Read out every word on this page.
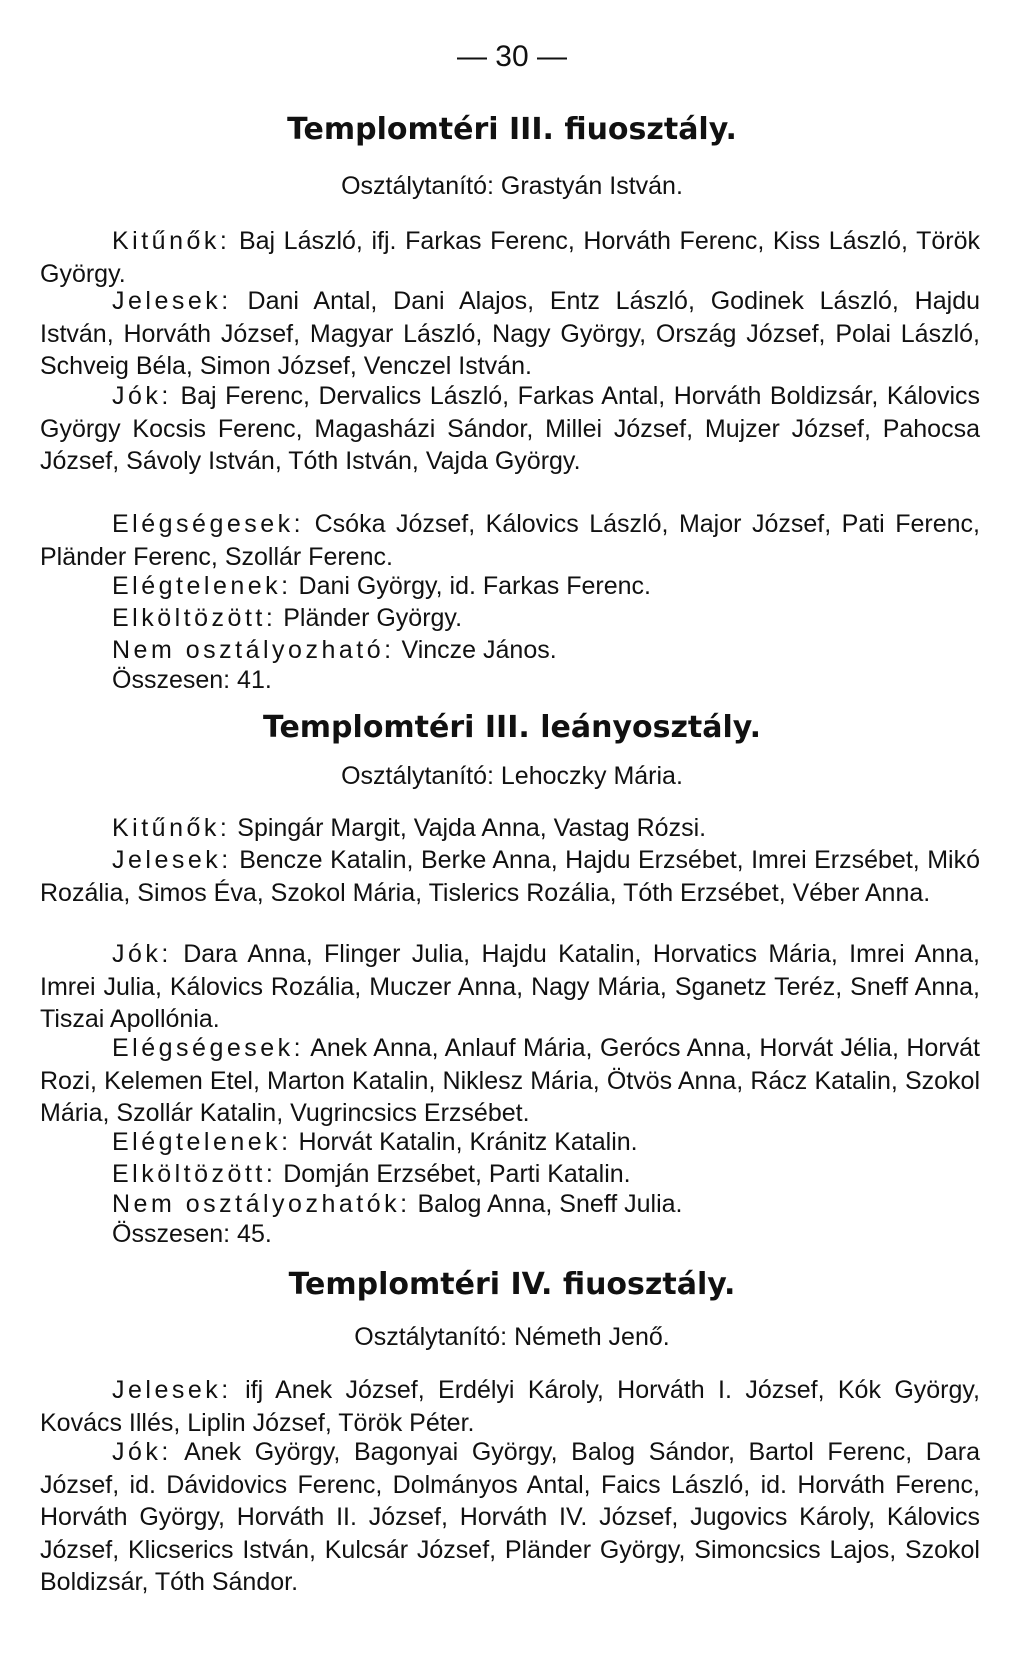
— 30 —
Templomtéri III. fiuosztály.
Osztálytanító: Grastyán István.

Kitűnők: Baj László, ifj. Farkas Ferenc, Horváth Ferenc, Kiss László, Török György.

Jelesek: Dani Antal, Dani Alajos, Entz László, Godinek László, Hajdu István, Horváth József, Magyar László, Nagy György, Ország József, Polai László, Schveig Béla, Simon József, Venczel István.

Jók: Baj Ferenc, Dervalics László, Farkas Antal, Horváth Boldizsár, Kálovics György Kocsis Ferenc, Magasházi Sándor, Millei József, Mujzer József, Pahocsa József, Sávoly István, Tóth István, Vajda György.

Elégségesek: Csóka József, Kálovics László, Major József, Pati Ferenc, Pländer Ferenc, Szollár Ferenc.

Elégtelenek: Dani György, id. Farkas Ferenc.

Elköltözött: Pländer György.

Nem osztályozható: Vincze János.

Összesen: 41.

Templomtéri III. leányosztály.
Osztálytanító: Lehoczky Mária.

Kitűnők: Spingár Margit, Vajda Anna, Vastag Rózsi.

Jelesek: Bencze Katalin, Berke Anna, Hajdu Erzsébet, Imrei Erzsébet, Mikó Rozália, Simos Éva, Szokol Mária, Tislerics Rozália, Tóth Erzsébet, Véber Anna.

Jók: Dara Anna, Flinger Julia, Hajdu Katalin, Horvatics Mária, Imrei Anna, Imrei Julia, Kálovics Rozália, Muczer Anna, Nagy Mária, Sganetz Teréz, Sneff Anna, Tiszai Apollónia.

Elégségesek: Anek Anna, Anlauf Mária, Gerócs Anna, Horvát Jélia, Horvát Rozi, Kelemen Etel, Marton Katalin, Niklesz Mária, Ötvös Anna, Rácz Katalin, Szokol Mária, Szollár Katalin, Vugrincsics Erzsébet.

Elégtelenek: Horvát Katalin, Kránitz Katalin.

Elköltözött: Domján Erzsébet, Parti Katalin.

Nem osztályozhatók: Balog Anna, Sneff Julia.

Összesen: 45.

Templomtéri IV. fiuosztály.
Osztálytanító: Németh Jenő.

Jelesek: ifj Anek József, Erdélyi Károly, Horváth I. József, Kók György, Kovács Illés, Liplin József, Török Péter.

Jók: Anek György, Bagonyai György, Balog Sándor, Bartol Ferenc, Dara József, id. Dávidovics Ferenc, Dolmányos Antal, Faics László, id. Horváth Ferenc, Horváth György, Horváth II. József, Horváth IV. József, Jugovics Károly, Kálovics József, Klicserics István, Kulcsár József, Pländer György, Simoncsics Lajos, Szokol Boldizsár, Tóth Sándor.
